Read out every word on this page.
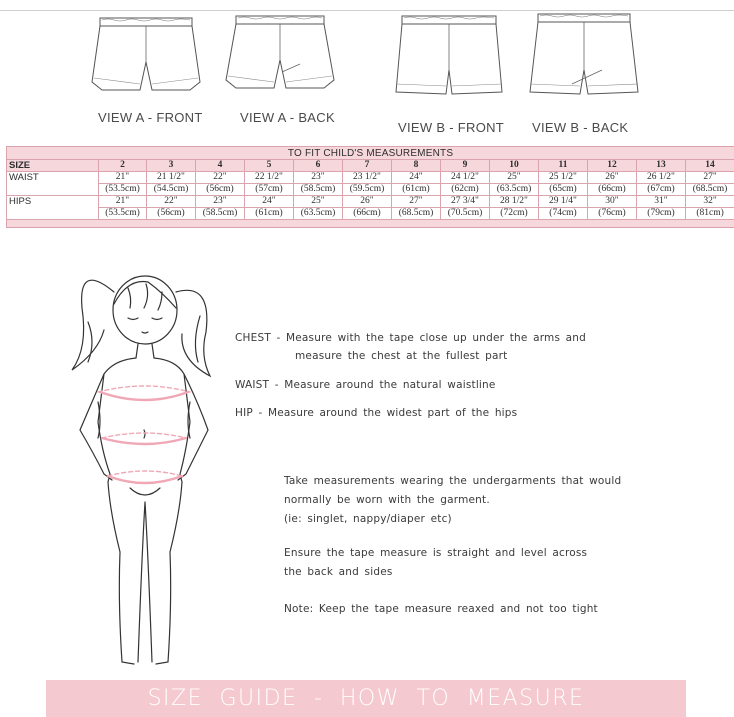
VIEW A - FRONT	VIEW A - BACK
VIEW B - FRONT VIEW B - BACK
TO FIT CHILD'S MEASUREMENTS													
SIZE	2	3	4	5	6	7	8	9	10	11	12	13	14
WAIST	21"	21 1/2"	22"	22 1/2"	23"	23 1/2"	24"	24 1/2"	25"	25 1/2"	26"	26 1/2"	27"
	(53.5cm)	(54.5cm)	(56cm)	(57cm)	(58.5cm)	(59.5cm)	(61cm)	(62cm)	(63.5cm)	(65cm)	(66cm)	(67cm)	(68.5cm)
HIPS	21"	22"	23"	24"	25"	26"	27"	27 3/4"	28 1/2"	29 1/4"	30"	31"	32"
	(53.5cm)	(56cm)	(58.5cm)	(61cm)	(63.5cm)	(66cm)	(68.5cm)	(70.5cm)	(72cm)	(74cm)	(76cm)	(79cm)	(81cm)

CHEST - Measure with the tape close up under the arms and
measure the chest at the fullest part
WAIST - Measure around the natural waistline
HIP - Measure around the widest part of the hips
Take measurements wearing the undergarments that would
normally be worn with the garment.
(ie: singlet, nappy/diaper etc)
Ensure the tape measure is straight and level across
the back and sides
Note: Keep the tape measure reaxed and not too tight
SIZE GUIDE - HOW TO MEASURE
